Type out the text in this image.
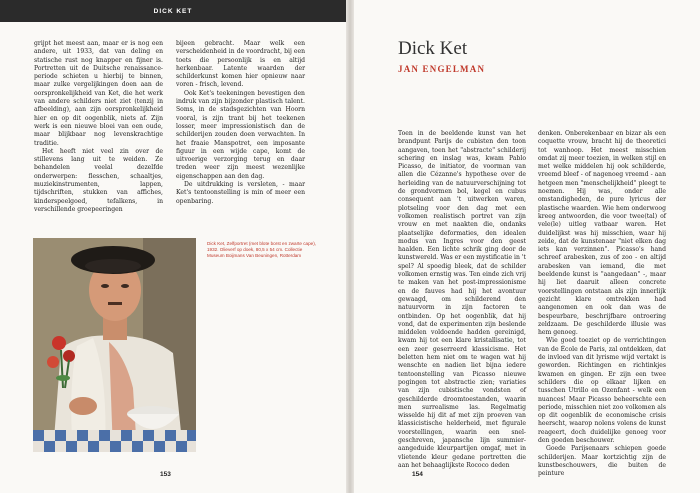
DICK KET

grijpt het meest aan, maar er is nog een andere, uit 1933, dat van deling en statische rust nog knapper en fijner is. Portretten uit de Duitsche renaissance-periode schieten u hierbij te binnen, maar zulke vergelijkingen doen aan de oorspronkelijkheid van Ket, die het werk van andere schilders niet ziet (tenzij in afbeelding), aan zijn oorspronkelijkheid hier en op dit oogenblik, niets af. Zijn werk is een nieuwe bloei van een oude, maar blijkbaar nog levenskrachtige traditie.

Het heeft niet veel zin over de stillevens lang uit te weiden. Ze behandelen veelal dezelfde onderwerpen: flesschen, schaaltjes, muziekinstrumenten, lappen, tijdschriften, stukken van affiches, kinderspeelgoed, tefalkens, in verschillende groepeeringen

bijeen gebracht. Maar welk een verscheidenheid in de voordracht, bij een toets die persoonlijk is en altijd herkenbaar. Latente waarden der schilderkunst komen hier opnieuw naar voren - frisch, levend.

Ook Ket's teekeningen bevestigen den indruk van zijn bijzonder plastisch talent. Soms, in de stadsgezichten van Hoorn vooral, is zijn trant bij het teekenen losser, meer impressionistisch dan de schilderijen zouden doen verwachten. In het fraaie Manspotret, een imposante figuur in een wijde cape, komt de uitvoerige verzorging terug en daar treden weer zijn meest wezenlijke eigenschappen aan den dag.

De uitdrukking is versleten, - maar Ket's tentoonstelling is min of meer een openbaring.

Dick Ket, Zelfportret (met blote borst en zwarte cape), 1932. Olieverf op doek, 80,5 x 54 cm. Collectie Museum Boijmans Van Beuningen, Rotterdam
153
Dick Ket
JAN ENGELMAN

Toen in de beeldende kunst van het brandpunt Parijs de cubisten den toon aangaven, toen het "abstracte" schilderij schering en inslag was, kwam Pablo Picasso, de initiator, de voorman van allen die Cézanne's hypothese over de herleiding van de natuurverschijning tot de grondvormen bol, kegel en cubus consequent aan 't uitwerken waren, plotseling voor den dag met een volkomen realistisch portret van zijn vrouw en met naakten die, ondanks plaatselijke deformaties, den idealen modus van Ingres voor den geest haalden. Een lichte schrik ging door de kunstwereld. Was er een mystificatie in 't spel? Al spoedig bleek, dat de schilder volkomen ernstig was. Ten einde zich vrij te maken van het post-impressionisme en de fauves had hij het avontuur gewaagd, om schilderend den natuurvorm in zijn factoren te ontbinden. Op het oogenblik, dat hij vond, dat de experimenten zijn beslende middelen voldoende hadden gereinigd, kwam hij tot een klare kristallisatie, tot een zeer geserreerd klassicisme. Het beletten hem niet om te wagen wat hij wenschte en nadien liet bijna iedere tentoonstelling van Picasso nieuwe pogingen tot abstractie zien; variaties van zijn cubistische vondsten of geschilderde droomtoestanden, waarin men surrealisme las. Regelmatig wisselde hij dit af met zijn proeven van klassicistische helderheid, met figurale voorstellingen, waarin een snel-geschreven, japansche lijn summier-aangeduide kleurpartijen omgaf, met in vlietende kleur gedane portretten die aan het behaaglijkste Rococo deden

denken. Onberekenbaar en bizar als een coquette vrouw, bracht hij de theoretici tot wanhoop. Het meest misschien omdat zij meer toezien, in welken stijl en met welke middelen hij ook schilderde, vreemd bleef - of nagenoeg vreemd - aan hetgeen men "menschelijkheid" pleegt te noemen. Hij was, onder alle omstandigheden, de pure lyricus der plastische waarden. Wie hem onderwoog kreeg antwoorden, die voor twee(tal) of vele(le) uitleg vatbaar waren. Het duidelijkst was hij misschien, waar hij zeide, dat de kunstenaar "niet elken dag iets kan verzinnen". Picasso's hand schreef arabesken, zus of zoo - en altijd arabesken van iemand, die met beeldende kunst is "aangedaan" -, maar hij liet daaruit alleen concrete voorstellingen ontstaan als zijn innerlijk gezicht klare omtrekken had aangenomen en ook dan was de bespeurbare, beschrijfbare ontroering zeldzaam. De geschilderde illusie was hem genoeg.

Wie goed toeziet op de verrichtingen van de École de Paris, zal ontdekken, dat de invloed van dit lyrisme wijd vertakt is geworden. Richtingen en richtinkjes kwamen en gingen. Er zijn een twee schilders die op elkaar lijken en tusschen Utrillo en Ozenfant - welk een nuances! Maar Picasso beheerschte een periode, misschien niet zoo volkomen als op dit oogenblik de economische crisis heerscht, waarop nolens volens de kunst reageert, doch duidelijke genoeg voor den goeden beschouwer.

Goede Parijsenaars schiepen goede schilderijen. Maar kortzichtig zijn de kunstbeschouwers, die buiten de peinture

154
